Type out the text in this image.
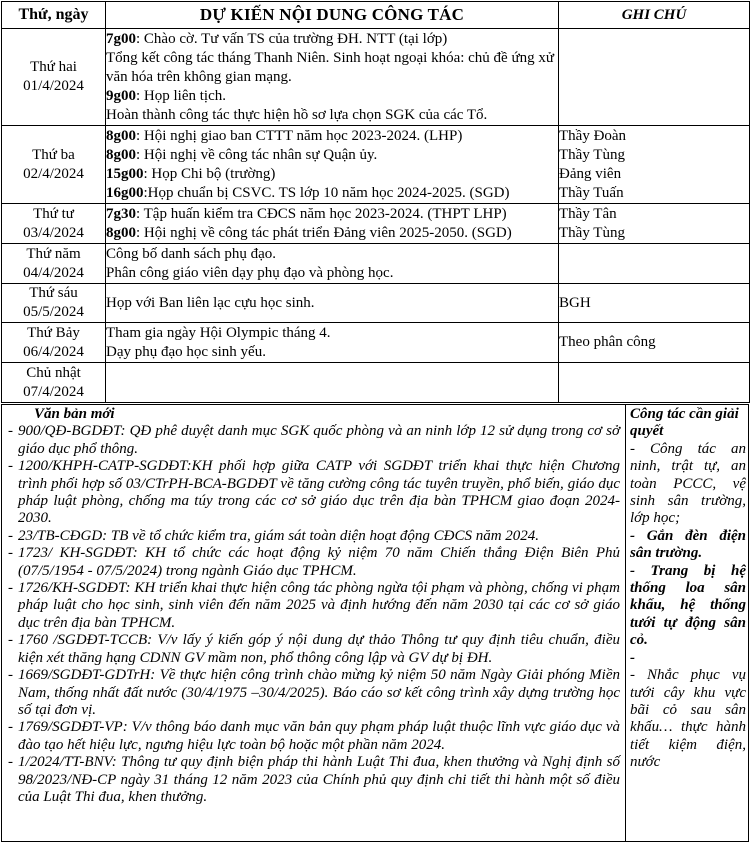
Thứ, ngày	DỰ KIẾN NỘI DUNG CÔNG TÁC	GHI CHÚ

Thứ hai
01/4/2024	7g00: Chào cờ. Tư vấn TS của trường ĐH. NTT (tại lớp)
Tổng kết công tác tháng Thanh Niên. Sinh hoạt ngoại khóa: chủ đề ứng xử văn hóa trên không gian mạng.
9g00: Họp liên tịch.
Hoàn thành công tác thực hiện hồ sơ lựa chọn SGK của các Tổ.	

Thứ ba
02/4/2024	8g00: Hội nghị giao ban CTTT năm học 2023-2024. (LHP)
8g00: Hội nghị về công tác nhân sự Quận ủy.
15g00: Họp Chi bộ (trường)
16g00:Họp chuẩn bị CSVC. TS lớp 10 năm học 2024-2025. (SGD)	Thầy Đoàn
Thầy Tùng
Đảng viên
Thầy Tuấn

Thứ tư
03/4/2024	7g30: Tập huấn kiểm tra CĐCS năm học 2023-2024. (THPT LHP)
8g00: Hội nghị về công tác phát triển Đảng viên 2025-2050. (SGD)	Thầy Tân
Thầy Tùng

Thứ năm
04/4/2024	Công bố danh sách phụ đạo.
Phân công giáo viên dạy phụ đạo và phòng học.	

Thứ sáu
05/5/2024	Họp với Ban liên lạc cựu học sinh.	BGH

Thứ Bảy
06/4/2024	Tham gia ngày Hội Olympic tháng 4.
Dạy phụ đạo học sinh yếu.	Theo phân công

Chủ nhật
07/4/2024		

Văn bản mới
- 900/QĐ-BGDĐT: QĐ phê duyệt danh mục SGK quốc phòng và an ninh lớp 12 sử dụng trong cơ sở giáo dục phổ thông.
- 1200/KHPH-CATP-SGDĐT:KH phối hợp giữa CATP với SGDĐT triển khai thực hiện Chương trình phối hợp số 03/CTrPH-BCA-BGDĐT về tăng cường công tác tuyên truyền, phổ biến, giáo dục pháp luật phòng, chống ma túy trong các cơ sở giáo dục trên địa bàn TPHCM giao đoạn 2024-2030.
- 23/TB-CĐGD: TB về tổ chức kiểm tra, giám sát toàn diện hoạt động CĐCS năm 2024.
- 1723/ KH-SGDĐT: KH tổ chức các hoạt động kỷ niệm 70 năm Chiến thắng Điện Biên Phủ (07/5/1954 - 07/5/2024) trong ngành Giáo dục TPHCM.
- 1726/KH-SGDĐT: KH triển khai thực hiện công tác phòng ngừa tội phạm và phòng, chống vi phạm pháp luật cho học sinh, sinh viên đến năm 2025 và định hướng đến năm 2030 tại các cơ sở giáo dục trên địa bàn TPHCM.
- 1760 /SGDĐT-TCCB: V/v lấy ý kiến góp ý nội dung dự thảo Thông tư quy định tiêu chuẩn, điều kiện xét thăng hạng CDNN GV mầm non, phổ thông công lập và GV dự bị ĐH.
- 1669/SGDĐT-GDTrH: Về thực hiện công trình chào mừng kỷ niệm 50 năm Ngày Giải phóng Miền Nam, thống nhất đất nước (30/4/1975 –30/4/2025). Báo cáo sơ kết công trình xây dựng trường học số tại đơn vị.
- 1769/SGDĐT-VP: V/v thông báo danh mục văn bản quy phạm pháp luật thuộc lĩnh vực giáo dục và đào tạo hết hiệu lực, ngưng hiệu lực toàn bộ hoặc một phần năm 2024.
- 1/2024/TT-BNV: Thông tư quy định biện pháp thi hành Luật Thi đua, khen thưởng và Nghị định số 98/2023/NĐ-CP ngày 31 tháng 12 năm 2023 của Chính phủ quy định chi tiết thi hành một số điều của Luật Thi đua, khen thưởng.
Công tác cần giải quyết
- Công tác an ninh, trật tự, an toàn PCCC, vệ sinh sân trường, lớp học;
- Gắn đèn điện sân trường.
- Trang bị hệ thống loa sân khấu, hệ thống tưới tự động sân cỏ.
-
- Nhắc phục vụ tưới cây khu vực bãi cỏ sau sân khấu… thực hành tiết kiệm điện, nước
